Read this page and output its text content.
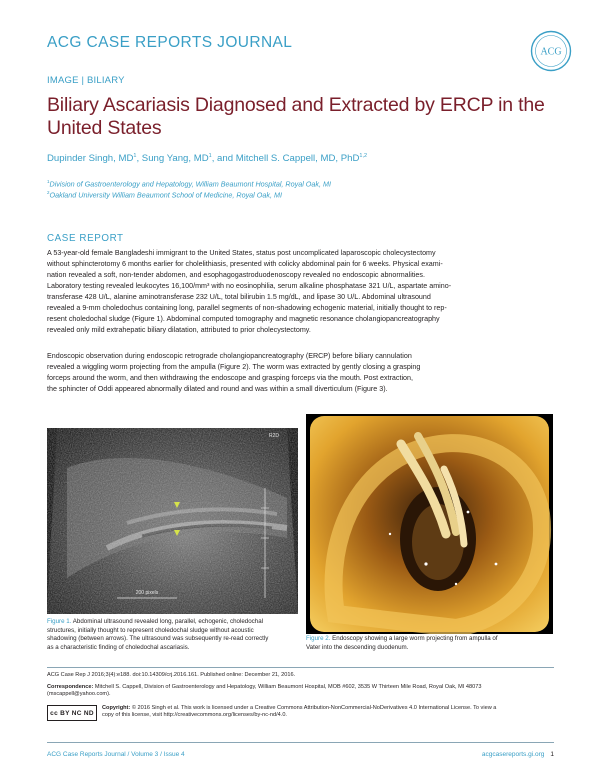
ACG CASE REPORTS JOURNAL
ACG
IMAGE | BILIARY
Biliary Ascariasis Diagnosed and Extracted by ERCP in the United States
Dupinder Singh, $MD^1$, Sung Yang, $MD^1$, and Mitchell S. Cappell, MD, PhD$^{1,2}$
$^1$Division of Gastroenterology and Hepatology, William Beaumont Hospital, Royal Oak, MI
$^2$Oakland University William Beaumont School of Medicine, Royal Oak, MI
CASE REPORT
A 53-year-old female Bangladeshi immigrant to the United States, status post uncomplicated laparoscopic cholecystectomy
without sphincterotomy 6 months earlier for cholelithiasis, presented with colicky abdominal pain for 6 weeks. Physical exami-
nation revealed a soft, non-tender abdomen, and esophagogastroduodenoscopy revealed no endoscopic abnormalities.
Laboratory testing revealed leukocytes 16,100/mm³ with no eosinophilia, serum alkaline phosphatase 321 U/L, aspartate amino-
transferase 428 U/L, alanine aminotransferase 232 U/L, total bilirubin 1.5 mg/dL, and lipase 30 U/L. Abdominal ultrasound
revealed a 9-mm choledochus containing long, parallel segments of non-shadowing echogenic material, initially thought to rep-
resent choledochal sludge (Figure 1). Abdominal computed tomography and magnetic resonance cholangiopancreatography
revealed only mild extrahepatic biliary dilatation, attributed to prior cholecystectomy.
Endoscopic observation during endoscopic retrograde cholangiopancreatography (ERCP) before biliary cannulation
revealed a wiggling worm projecting from the ampulla (Figure 2). The worm was extracted by gently closing a grasping
forceps around the worm, and then withdrawing the endoscope and grasping forceps via the mouth. Post extraction,
the sphincter of Oddi appeared abnormally dilated and round and was within a small diverticulum (Figure 3).
200 pixels
R2D
Figure 1. Abdominal ultrasound revealed long, parallel, echogenic, choledochal
structures, initially thought to represent choledochal sludge without acoustic
shadowing (between arrows). The ultrasound was subsequently re-read correctly
as a characteristic finding of choledochal ascariasis.
Figure 2. Endoscopy showing a large worm projecting from ampulla of
Vater into the descending duodenum.
ACG Case Rep J 2016;3(4):e188. doi:10.14309/crj.2016.161. Published online: December 21, 2016.
Correspondence: Mitchell S. Cappell, Division of Gastroenterology and Hepatology, William Beaumont Hospital, MOB #602, 3535 W Thirteen Mile Road, Royal Oak, MI 48073
(mscappell@yahoo.com).
cc BY NC ND
Copyright: © 2016 Singh et al. This work is licensed under a Creative Commons Attribution-NonCommercial-NoDerivatives 4.0 International License. To view a
copy of this license, visit http://creativecommons.org/licenses/by-nc-nd/4.0.
ACG Case Reports Journal / Volume 3 / Issue 4	acgcasereports.gi.org 1
